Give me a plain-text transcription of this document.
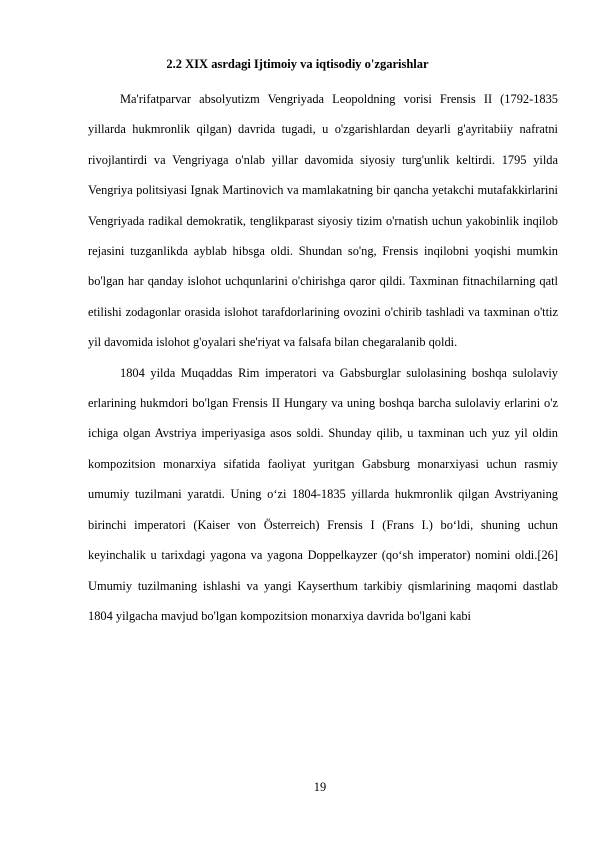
2.2 XIX asrdagi Ijtimoiy va iqtisodiy o'zgarishlar

Ma'rifatparvar absolyutizm Vengriyada Leopoldning vorisi Frensis II (1792-1835 yillarda hukmronlik qilgan) davrida tugadi, u o'zgarishlardan deyarli g'ayritabiiy nafratni rivojlantirdi va Vengriyaga o'nlab yillar davomida siyosiy turg'unlik keltirdi. 1795 yilda Vengriya politsiyasi Ignak Martinovich va mamlakatning bir qancha yetakchi mutafakkirlarini Vengriyada radikal demokratik, tenglikparast siyosiy tizim o'rnatish uchun yakobinlik inqilob rejasini tuzganlikda ayblab hibsga oldi. Shundan so'ng, Frensis inqilobni yoqishi mumkin bo'lgan har qanday islohot uchqunlarini o'chirishga qaror qildi. Taxminan fitnachilarning qatl etilishi zodagonlar orasida islohot tarafdorlarining ovozini o'chirib tashladi va taxminan o'ttiz yil davomida islohot g'oyalari she'riyat va falsafa bilan chegaralanib qoldi.

1804 yilda Muqaddas Rim imperatori va Gabsburglar sulolasining boshqa sulolaviy erlarining hukmdori bo'lgan Frensis II Hungary va uning boshqa barcha sulolaviy erlarini o'z ichiga olgan Avstriya imperiyasiga asos soldi. Shunday qilib, u taxminan uch yuz yil oldin kompozitsion monarxiya sifatida faoliyat yuritgan Gabsburg monarxiyasi uchun rasmiy umumiy tuzilmani yaratdi. Uning o‘zi 1804-1835 yillarda hukmronlik qilgan Avstriyaning birinchi imperatori (Kaiser von Österreich) Frensis I (Frans I.) bo‘ldi, shuning uchun keyinchalik u tarixdagi yagona va yagona Doppelkayzer (qo‘sh imperator) nomini oldi.[26] Umumiy tuzilmaning ishlashi va yangi Kayserthum tarkibiy qismlarining maqomi dastlab 1804 yilgacha mavjud bo'lgan kompozitsion monarxiya davrida bo'lgani kabi

19
